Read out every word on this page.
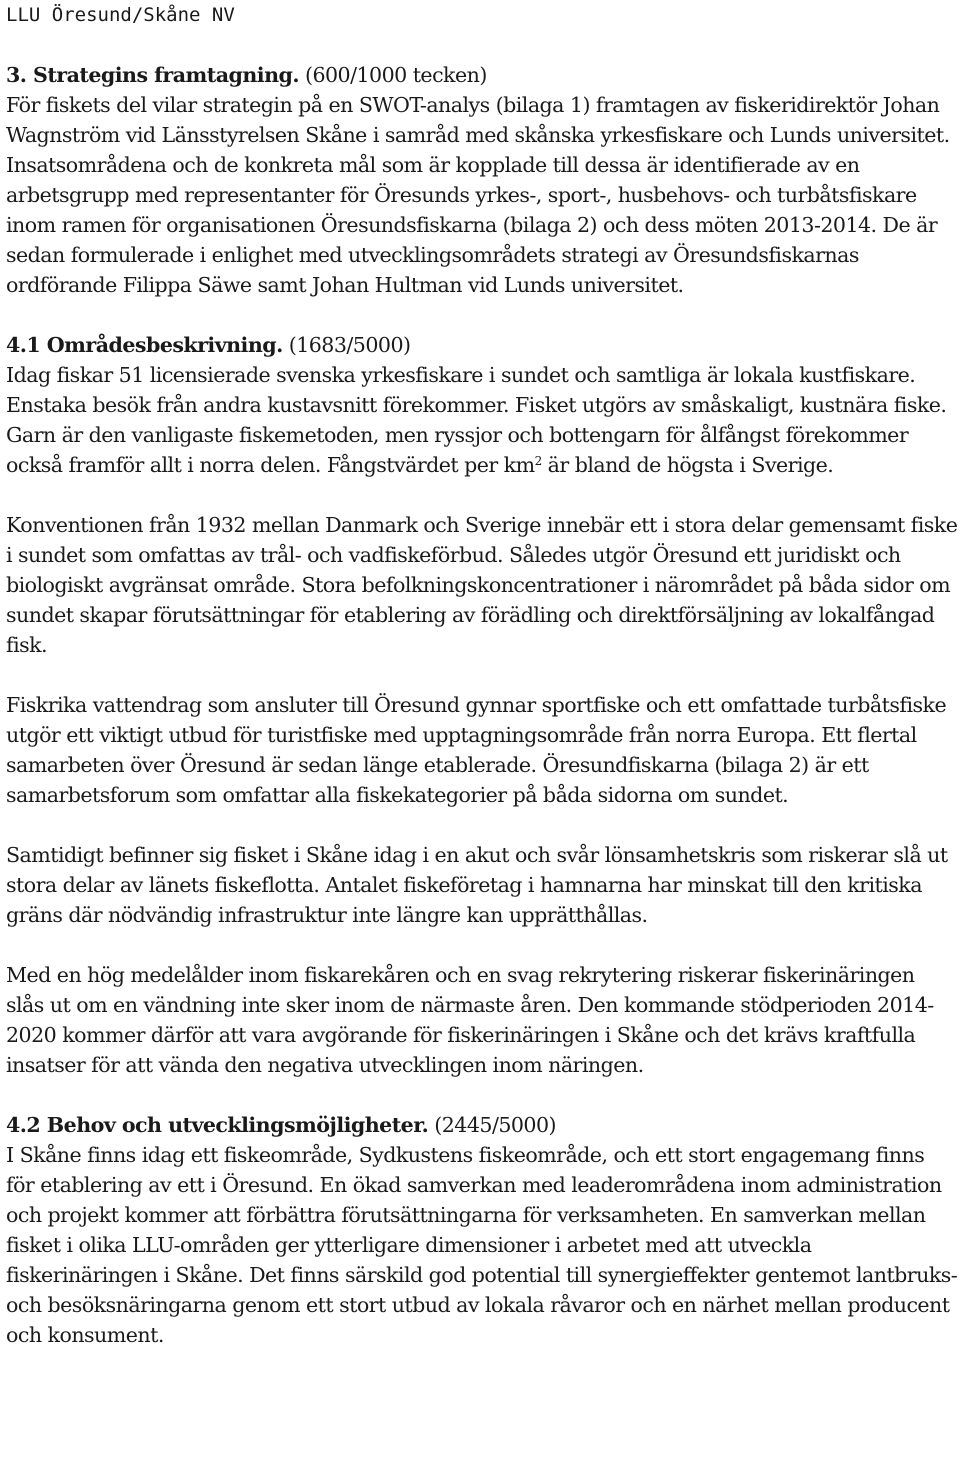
LLU Öresund/Skåne NV

3. Strategins framtagning. (600/1000 tecken)
För fiskets del vilar strategin på en SWOT-analys (bilaga 1) framtagen av fiskeridirektör Johan Wagnström vid Länsstyrelsen Skåne i samråd med skånska yrkesfiskare och Lunds universitet. Insatsområdena och de konkreta mål som är kopplade till dessa är identifierade av en arbetsgrupp med representanter för Öresunds yrkes-, sport-, husbehovs- och turbåtsfiskare inom ramen för organisationen Öresundsfiskarna (bilaga 2) och dess möten 2013-2014. De är sedan formulerade i enlighet med utvecklingsområdets strategi av Öresundsfiskarnas ordförande Filippa Säwe samt Johan Hultman vid Lunds universitet.

4.1 Områdesbeskrivning. (1683/5000)
Idag fiskar 51 licensierade svenska yrkesfiskare i sundet och samtliga är lokala kustfiskare. Enstaka besök från andra kustavsnitt förekommer. Fisket utgörs av småskaligt, kustnära fiske. Garn är den vanligaste fiskemetoden, men ryssjor och bottengarn för ålfångst förekommer också framför allt i norra delen. Fångstvärdet per $km^2$ är bland de högsta i Sverige.

Konventionen från 1932 mellan Danmark och Sverige innebär ett i stora delar gemensamt fiske i sundet som omfattas av trål- och vadfiskeförbud. Således utgör Öresund ett juridiskt och biologiskt avgränsat område. Stora befolkningskoncentrationer i närområdet på båda sidor om sundet skapar förutsättningar för etablering av förädling och direktförsäljning av lokalfångad fisk.

Fiskrika vattendrag som ansluter till Öresund gynnar sportfiske och ett omfattade turbåtsfiske utgör ett viktigt utbud för turistfiske med upptagningsområde från norra Europa. Ett flertal samarbeten över Öresund är sedan länge etablerade. Öresundfiskarna (bilaga 2) är ett samarbetsforum som omfattar alla fiskekategorier på båda sidorna om sundet.

Samtidigt befinner sig fisket i Skåne idag i en akut och svår lönsamhetskris som riskerar slå ut stora delar av länets fiskeflotta. Antalet fiskeföretag i hamnarna har minskat till den kritiska gräns där nödvändig infrastruktur inte längre kan upprätthållas.

Med en hög medelålder inom fiskarekåren och en svag rekrytering riskerar fiskerinäringen slås ut om en vändning inte sker inom de närmaste åren. Den kommande stödperioden 2014-2020 kommer därför att vara avgörande för fiskerinäringen i Skåne och det krävs kraftfulla insatser för att vända den negativa utvecklingen inom näringen.

4.2 Behov och utvecklingsmöjligheter. (2445/5000)
I Skåne finns idag ett fiskeområde, Sydkustens fiskeområde, och ett stort engagemang finns för etablering av ett i Öresund. En ökad samverkan med leaderområdena inom administration och projekt kommer att förbättra förutsättningarna för verksamheten. En samverkan mellan fisket i olika LLU-områden ger ytterligare dimensioner i arbetet med att utveckla fiskerinäringen i Skåne. Det finns särskild god potential till synergieffekter gentemot lantbruks- och besöksnäringarna genom ett stort utbud av lokala råvaror och en närhet mellan producent och konsument.
